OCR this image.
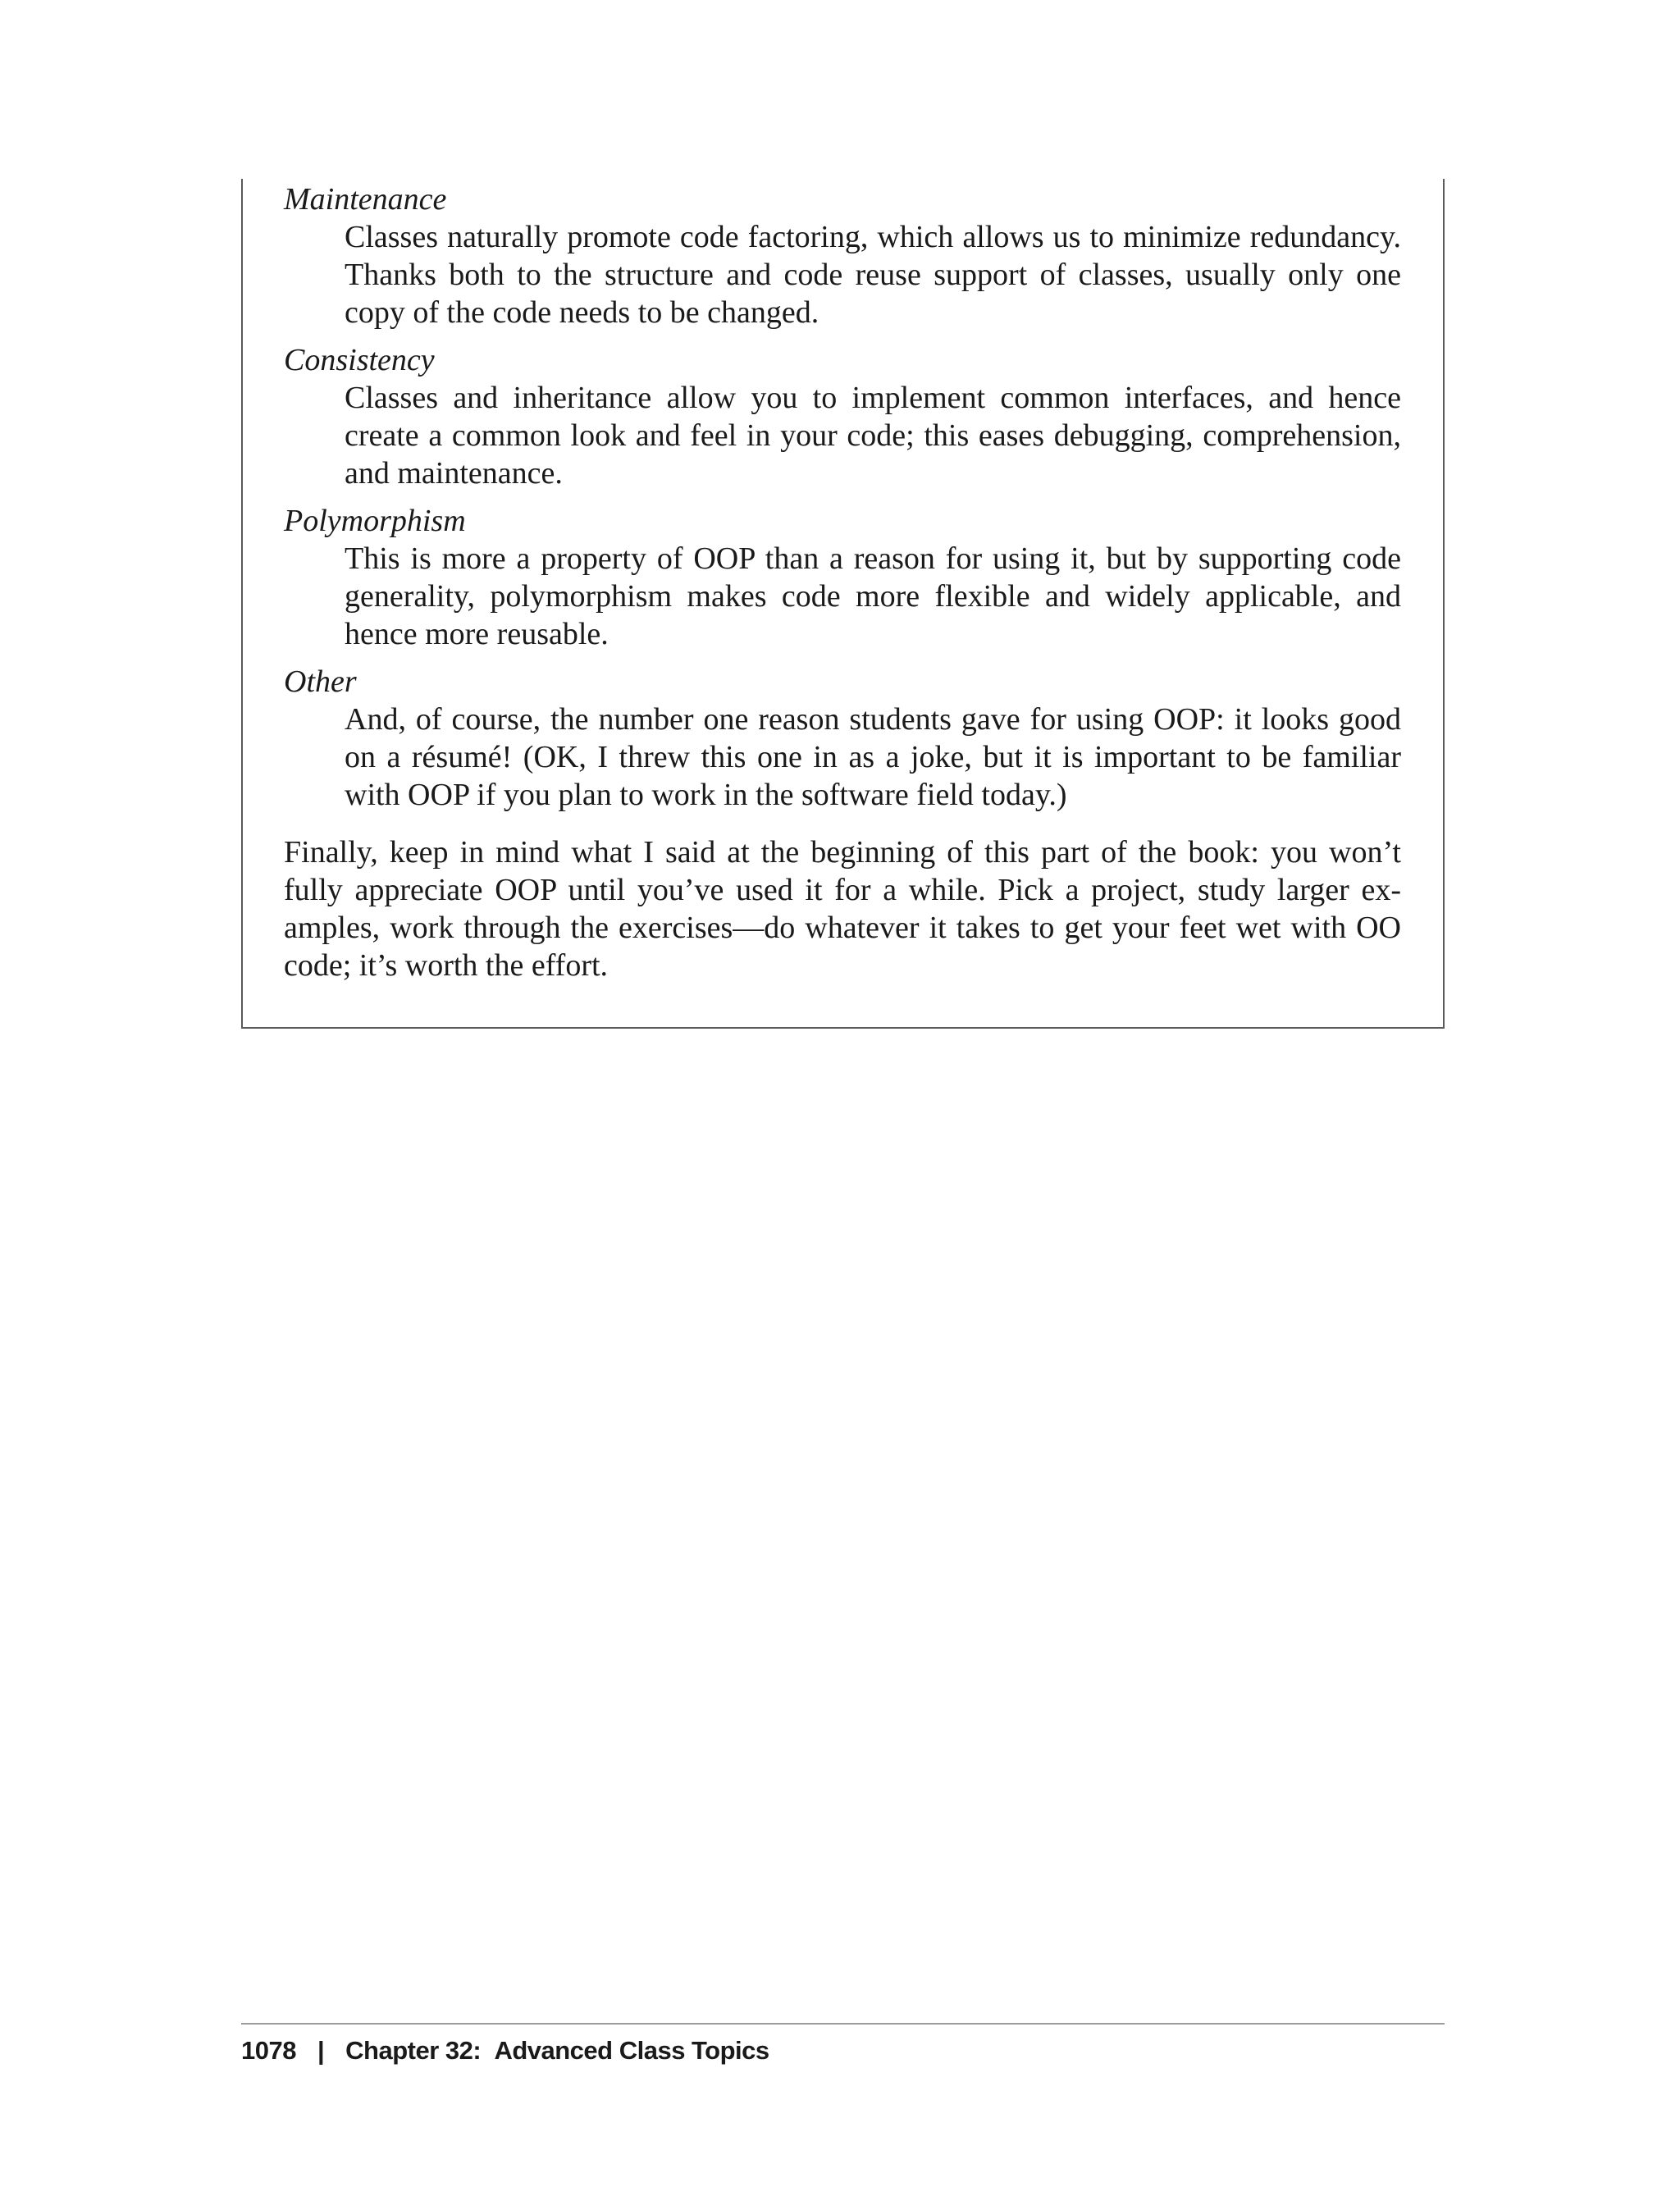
Maintenance
Classes naturally promote code factoring, which allows us to minimize redundancy. Thanks both to the structure and code reuse support of classes, usually only one copy of the code needs to be changed.
Consistency
Classes and inheritance allow you to implement common interfaces, and hence create a common look and feel in your code; this eases debugging, comprehension, and maintenance.
Polymorphism
This is more a property of OOP than a reason for using it, but by supporting code generality, polymorphism makes code more flexible and widely applicable, and hence more reusable.
Other
And, of course, the number one reason students gave for using OOP: it looks good on a résumé! (OK, I threw this one in as a joke, but it is important to be familiar with OOP if you plan to work in the software field today.)

Finally, keep in mind what I said at the beginning of this part of the book: you won’t fully appreciate OOP until you’ve used it for a while. Pick a project, study larger examples, work through the exercises—do whatever it takes to get your feet wet with OO code; it’s worth the effort.

1078 | Chapter 32: Advanced Class Topics
